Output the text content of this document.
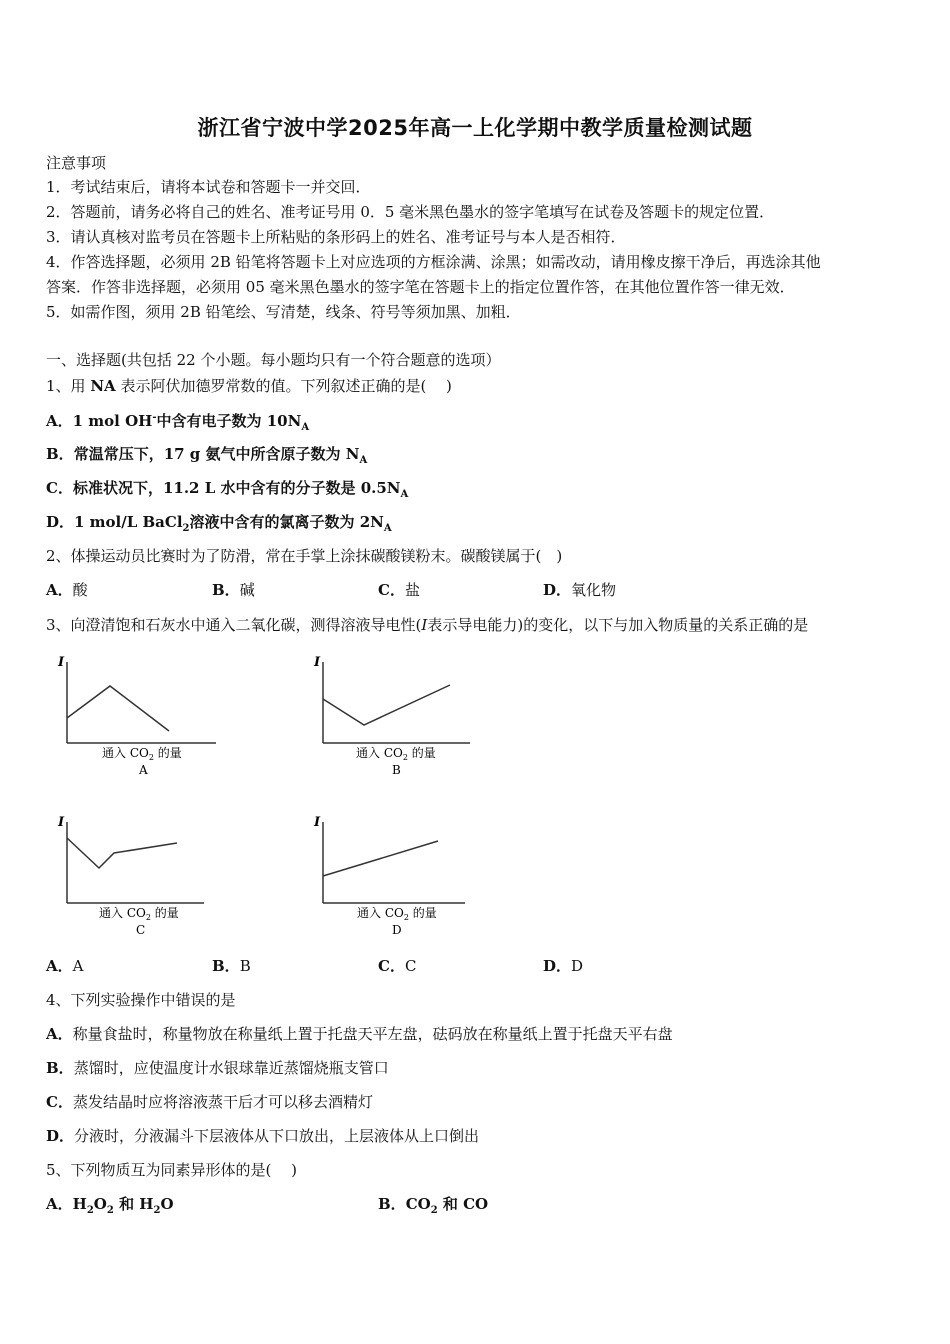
浙江省宁波中学2025年高一上化学期中教学质量检测试题
注意事项
1．考试结束后，请将本试卷和答题卡一并交回．
2．答题前，请务必将自己的姓名、准考证号用 0．5 毫米黑色墨水的签字笔填写在试卷及答题卡的规定位置．
3．请认真核对监考员在答题卡上所粘贴的条形码上的姓名、准考证号与本人是否相符．
4．作答选择题，必须用 2B 铅笔将答题卡上对应选项的方框涂满、涂黑；如需改动，请用橡皮擦干净后，再选涂其他
答案．作答非选择题，必须用 05 毫米黑色墨水的签字笔在答题卡上的指定位置作答，在其他位置作答一律无效．
5．如需作图，须用 2B 铅笔绘、写清楚，线条、符号等须加黑、加粗．
一、选择题(共包括 22 个小题。每小题均只有一个符合题意的选项）
1、用 NA 表示阿伏加德罗常数的值。下列叙述正确的是(　 )
A．1 mol OH-中含有电子数为 $10N_A$
B．常温常压下，17 g 氨气中所含原子数为 $N_A$
C．标准状况下，11.2 L 水中含有的分子数是 $0.5N_A$
D．1 mol/L BaCl$_2$溶液中含有的氯离子数为 $2N_A$
2、体操运动员比赛时为了防滑，常在手掌上涂抹碳酸镁粉末。碳酸镁属于(　)
A．酸	B．碱	C．盐	D．氧化物
3、向澄清饱和石灰水中通入二氧化碳，测得溶液导电性(I表示导电能力)的变化，以下与加入物质量的关系正确的是
I
通入 $CO_2$ 的量
A
I
通入 $CO_2$ 的量
B
I
通入 $CO_2$ 的量
C
I
通入 $CO_2$ 的量
D
A．A	B．B	C．C	D．D
4、下列实验操作中错误的是
A．称量食盐时，称量物放在称量纸上置于托盘天平左盘，砝码放在称量纸上置于托盘天平右盘
B．蒸馏时，应使温度计水银球靠近蒸馏烧瓶支管口
C．蒸发结晶时应将溶液蒸干后才可以移去酒精灯
D．分液时，分液漏斗下层液体从下口放出，上层液体从上口倒出
5、下列物质互为同素异形体的是(　 )
A．$H_2O_2$ 和 $H_2O$	B．$CO_2$ 和 CO
